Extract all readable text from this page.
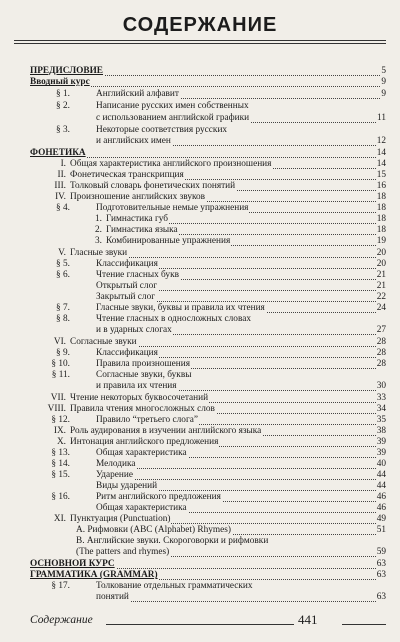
СОДЕРЖАНИЕ
ПРЕДИСЛОВИЕ	5
Вводный курс	9
§ 1.	Английский алфавит	9
§ 2.	Написание русских имен собственных
с использованием английской графики	11
§ 3.	Некоторые соответствия русских
и английских имен	12
ФОНЕТИКА	14
I. Общая характеристика английского произношения	14
II. Фонетическая транскрипция	15
III. Толковый словарь фонетических понятий	16
IV. Произношение английских звуков	18
§ 4.	Подготовительные немые упражнения	18
1. Гимнастика губ	18
2. Гимнастика языка	18
3. Комбинированные упражнения	19
V. Гласные звуки	20
§ 5.	Классификация	20
§ 6.	Чтение гласных букв	21
Открытый слог	21
Закрытый слог	22
§ 7.	Гласные звуки, буквы и правила их чтения	24
§ 8.	Чтение гласных в односложных словах
и в ударных слогах	27
VI. Согласные звуки	28
§ 9.	Классификация	28
§ 10.	Правила произношения	28
§ 11.	Согласные звуки, буквы
и правила их чтения	30
VII. Чтение некоторых буквосочетаний	33
VIII. Правила чтения многосложных слов	34
§ 12.	Правило “третьего слога”	35
IX. Роль аудирования в изучении английского языка	38
X. Интонация английского предложения	39
§ 13.	Общая характеристика	39
§ 14.	Мелодика	40
§ 15.	Ударение	44
Виды ударений	44
§ 16.	Ритм английского предложения	46
Общая характеристика	46
XI. Пунктуация (Punctuation)	49
А. Рифмовки (ABC (Alphabet) Rhymes)	51
В. Английские звуки. Скороговорки и рифмовки
(The patters and rhymes)	59
ОСНОВНОЙ КУРС	63
ГРАММАТИКА (GRAMMAR)	63
§ 17.	Толкование отдельных грамматических
понятий	63
Содержание	441
